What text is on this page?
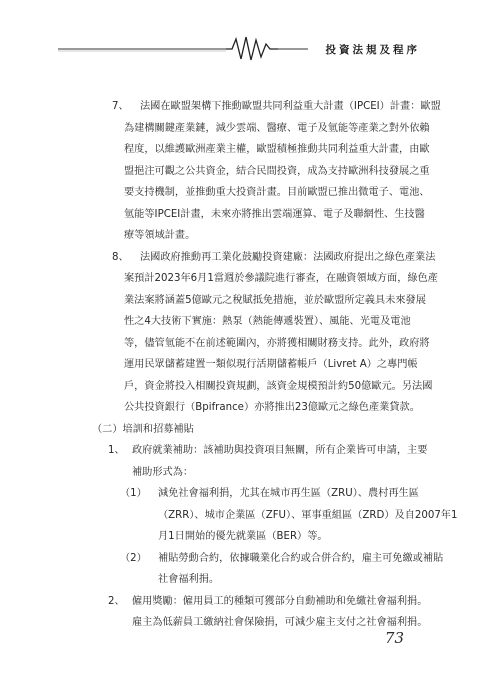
投資法規及程序
7、 法國在歐盟架構下推動歐盟共同利益重大計畫（IPCEI）計畫：歐盟
為建構關鍵產業鏈，減少雲端、醫療、電子及氫能等產業之對外依賴
程度，以維護歐洲產業主權，歐盟積極推動共同利益重大計畫，由歐
盟挹注可觀之公共資金，結合民間投資，成為支持歐洲科技發展之重
要支持機制，並推動重大投資計畫。目前歐盟已推出微電子、電池、
氫能等IPCEI計畫，未來亦將推出雲端運算、電子及聯網性、生技醫
療等領域計畫。
8、 法國政府推動再工業化鼓勵投資建廠：法國政府提出之綠色產業法
案預計2023年6月1當週於參議院進行審查，在融資領域方面，綠色產
業法案將涵蓋5億歐元之稅賦抵免措施，並於歐盟所定義具未來發展
性之4大技術下實施：熱泵（熱能傳遞裝置）、風能、光電及電池
等，儘管氫能不在前述範圍內，亦將獲相關財務支持。此外，政府將
運用民眾儲蓄建置一類似現行活期儲蓄帳戶（Livret A）之專門帳
戶，資金將投入相關投資規劃，該資金規模預計約50億歐元。另法國
公共投資銀行（Bpifrance）亦將推出23億歐元之綠色產業貸款。
（二）培訓和招募補貼
1、 政府就業補助：該補助與投資項目無關，所有企業皆可申請，主要
補助形式為：
（1） 減免社會福利捐，尤其在城市再生區（ZRU）、農村再生區
（ZRR）、城市企業區（ZFU）、軍事重組區（ZRD）及自2007年1
月1日開始的優先就業區（BER）等。
（2） 補貼勞動合約，依據職業化合約或合併合約，雇主可免繳或補貼
社會福利捐。
2、 僱用獎勵：僱用員工的種類可獲部分自動補助和免繳社會福利捐。
雇主為低薪員工繳納社會保險捐，可減少雇主支付之社會福利捐。
73
